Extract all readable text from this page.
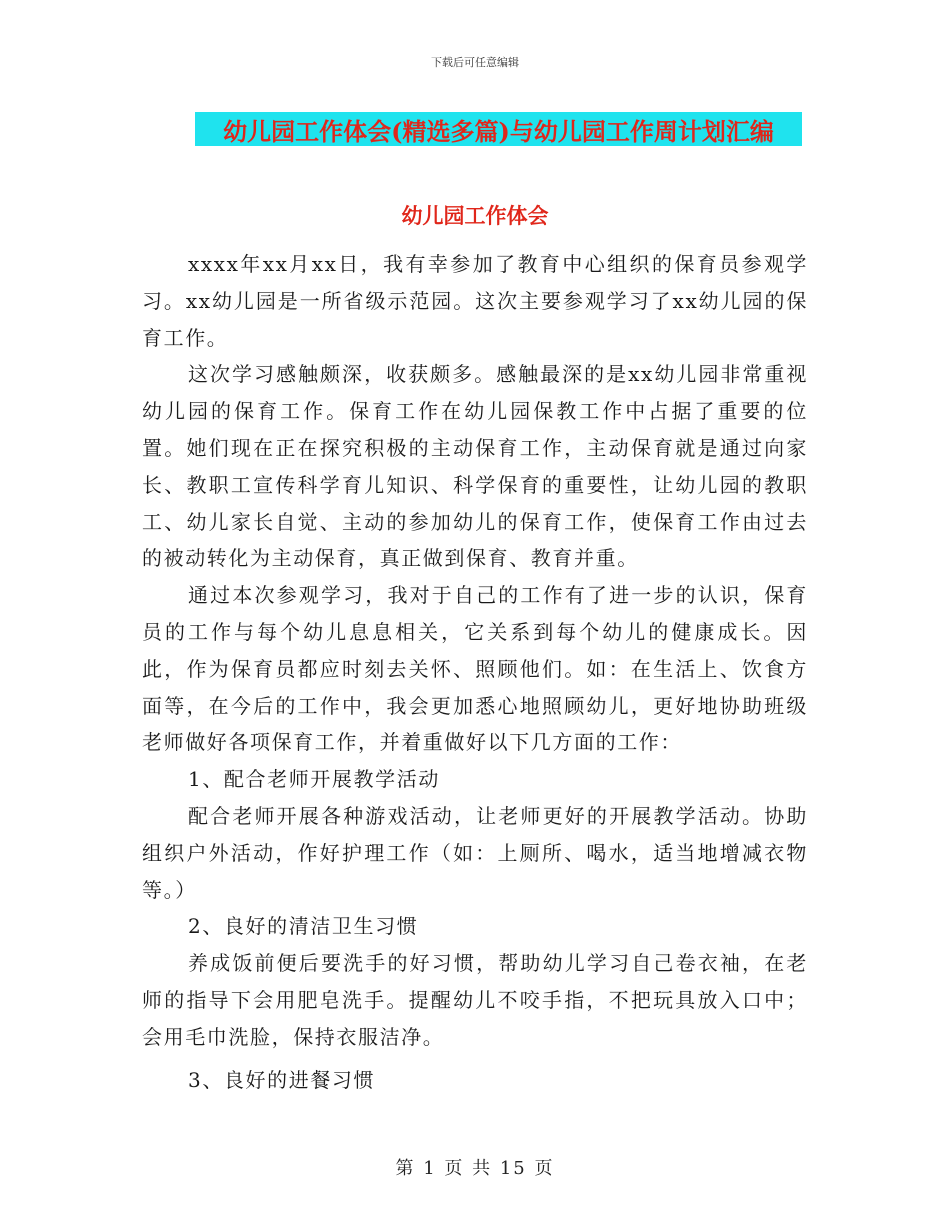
下载后可任意编辑
幼儿园工作体会(精选多篇)与幼儿园工作周计划汇编
幼儿园工作体会

xxxx年xx月xx日，我有幸参加了教育中心组织的保育员参观学习。xx幼儿园是一所省级示范园。这次主要参观学习了xx幼儿园的保育工作。

这次学习感触颇深，收获颇多。感触最深的是xx幼儿园非常重视幼儿园的保育工作。保育工作在幼儿园保教工作中占据了重要的位置。她们现在正在探究积极的主动保育工作，主动保育就是通过向家长、教职工宣传科学育儿知识、科学保育的重要性，让幼儿园的教职工、幼儿家长自觉、主动的参加幼儿的保育工作，使保育工作由过去的被动转化为主动保育，真正做到保育、教育并重。

通过本次参观学习，我对于自己的工作有了进一步的认识，保育员的工作与每个幼儿息息相关，它关系到每个幼儿的健康成长。因此，作为保育员都应时刻去关怀、照顾他们。如：在生活上、饮食方面等，在今后的工作中，我会更加悉心地照顾幼儿，更好地协助班级老师做好各项保育工作，并着重做好以下几方面的工作：

1、配合老师开展教学活动

配合老师开展各种游戏活动，让老师更好的开展教学活动。协助组织户外活动，作好护理工作（如：上厕所、喝水，适当地增减衣物等。）

2、良好的清洁卫生习惯

养成饭前便后要洗手的好习惯，帮助幼儿学习自己卷衣袖，在老师的指导下会用肥皂洗手。提醒幼儿不咬手指，不把玩具放入口中；会用毛巾洗脸，保持衣服洁净。

3、良好的进餐习惯

第 1 页 共 15 页
